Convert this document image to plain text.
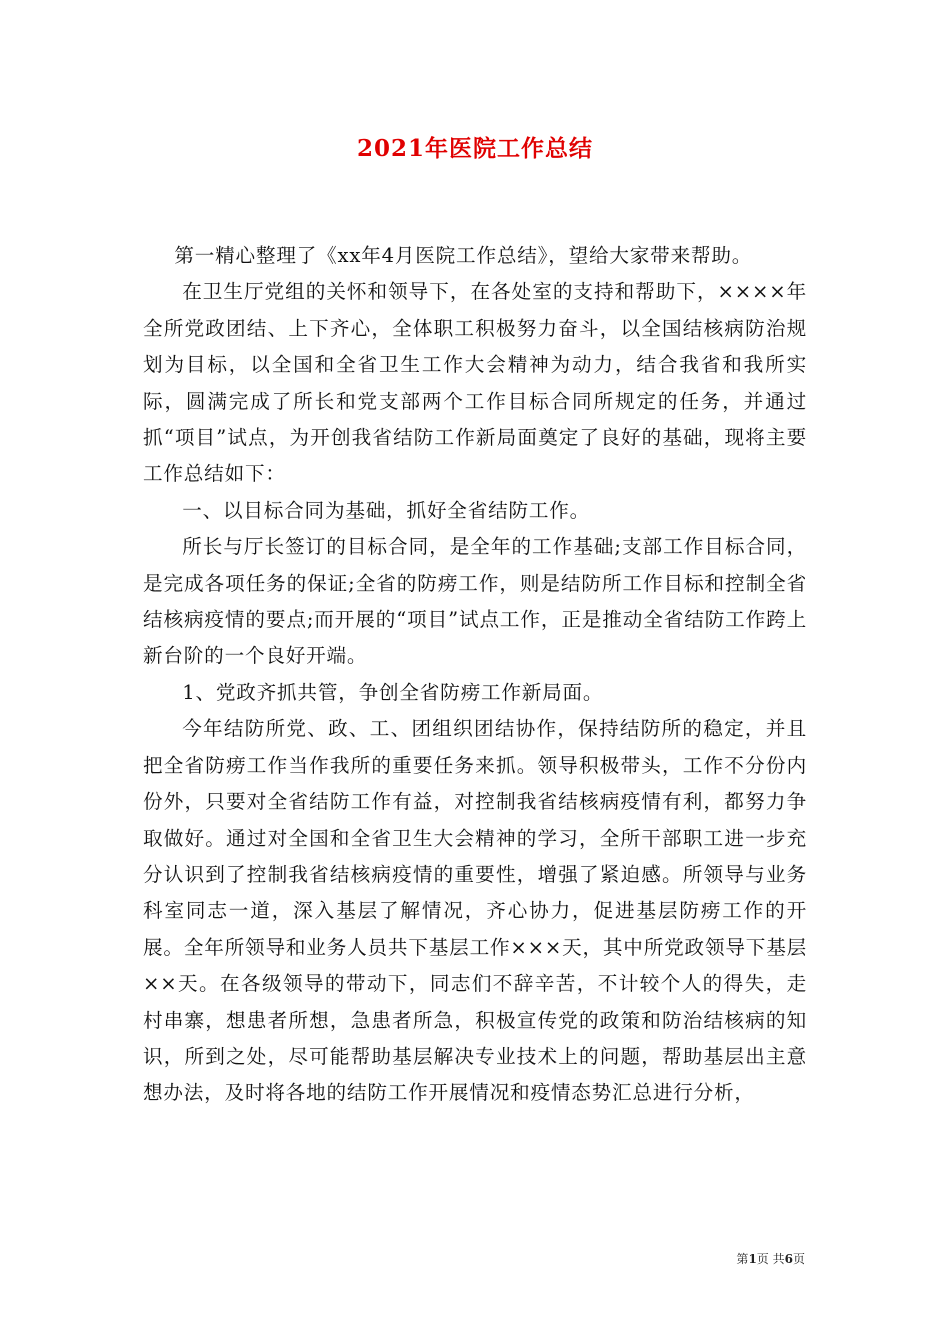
2021年医院工作总结

第一精心整理了《xx年4月医院工作总结》，望给大家带来帮助。

在卫生厅党组的关怀和领导下，在各处室的支持和帮助下，××××年全所党政团结、上下齐心，全体职工积极努力奋斗，以全国结核病防治规划为目标，以全国和全省卫生工作大会精神为动力，结合我省和我所实际，圆满完成了所长和党支部两个工作目标合同所规定的任务，并通过抓“项目”试点，为开创我省结防工作新局面奠定了良好的基础，现将主要工作总结如下：

一、以目标合同为基础，抓好全省结防工作。

所长与厅长签订的目标合同，是全年的工作基础;支部工作目标合同，是完成各项任务的保证;全省的防痨工作，则是结防所工作目标和控制全省结核病疫情的要点;而开展的“项目”试点工作，正是推动全省结防工作跨上新台阶的一个良好开端。

1、党政齐抓共管，争创全省防痨工作新局面。

今年结防所党、政、工、团组织团结协作，保持结防所的稳定，并且把全省防痨工作当作我所的重要任务来抓。领导积极带头，工作不分份内份外，只要对全省结防工作有益，对控制我省结核病疫情有利，都努力争取做好。通过对全国和全省卫生大会精神的学习，全所干部职工进一步充分认识到了控制我省结核病疫情的重要性，增强了紧迫感。所领导与业务科室同志一道，深入基层了解情况，齐心协力，促进基层防痨工作的开展。全年所领导和业务人员共下基层工作×××天，其中所党政领导下基层××天。在各级领导的带动下，同志们不辞辛苦，不计较个人的得失，走村串寨，想患者所想，急患者所急，积极宣传党的政策和防治结核病的知识，所到之处，尽可能帮助基层解决专业技术上的问题，帮助基层出主意想办法，及时将各地的结防工作开展情况和疫情态势汇总进行分析，

第1页 共6页
